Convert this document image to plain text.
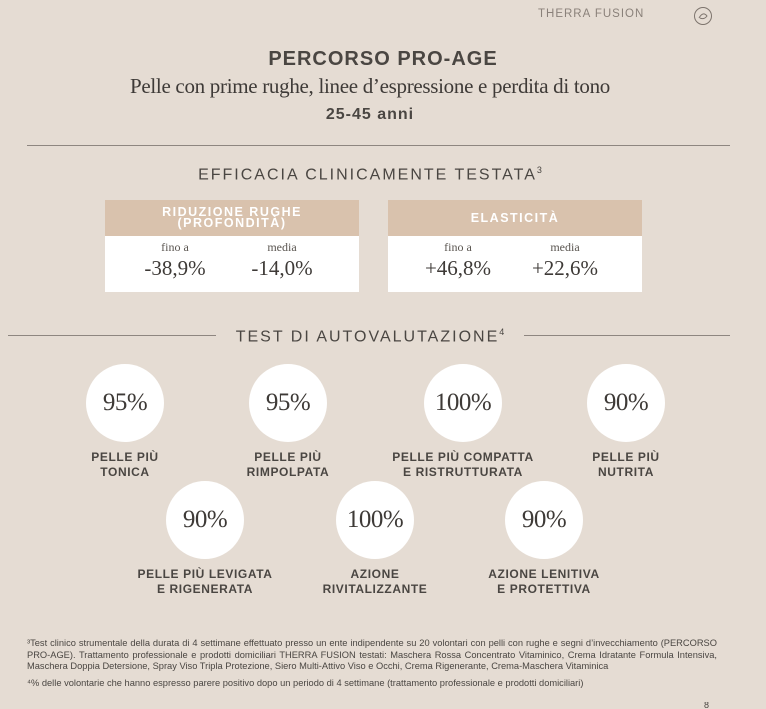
THERRA FUSION
PERCORSO PRO-AGE
Pelle con prime rughe, linee d’espressione e perdita di tono
25-45 anni
EFFICACIA CLINICAMENTE TESTATA$^3$
RIDUZIONE RUGHE
(PROFONDITÀ)
fino a
-38,9%
media
-14,0%
ELASTICITÀ
fino a
+46,8%
media
+22,6%
TEST DI AUTOVALUTAZIONE$^4$
95%
PELLE PIÙ
TONICA
95%
PELLE PIÙ
RIMPOLPATA
100%
PELLE PIÙ COMPATTA
E RISTRUTTURATA
90%
PELLE PIÙ
NUTRITA
90%
PELLE PIÙ LEVIGATA
E RIGENERATA
100%
AZIONE
RIVITALIZZANTE
90%
AZIONE LENITIVA
E PROTETTIVA

³Test clinico strumentale della durata di 4 settimane effettuato presso un ente indipendente su 20 volontari con pelli con rughe e segni d’invecchiamento (PERCORSO PRO-AGE). Trattamento professionale e prodotti domiciliari THERRA FUSION testati: Maschera Rossa Concentrato Vitaminico, Crema Idratante Formula Intensiva, Maschera Doppia Detersione, Spray Viso Tripla Protezione, Siero Multi-Attivo Viso e Occhi, Crema Rigenerante, Crema-Maschera Vitaminica

⁴% delle volontarie che hanno espresso parere positivo dopo un periodo di 4 settimane (trattamento professionale e prodotti domiciliari)

8
